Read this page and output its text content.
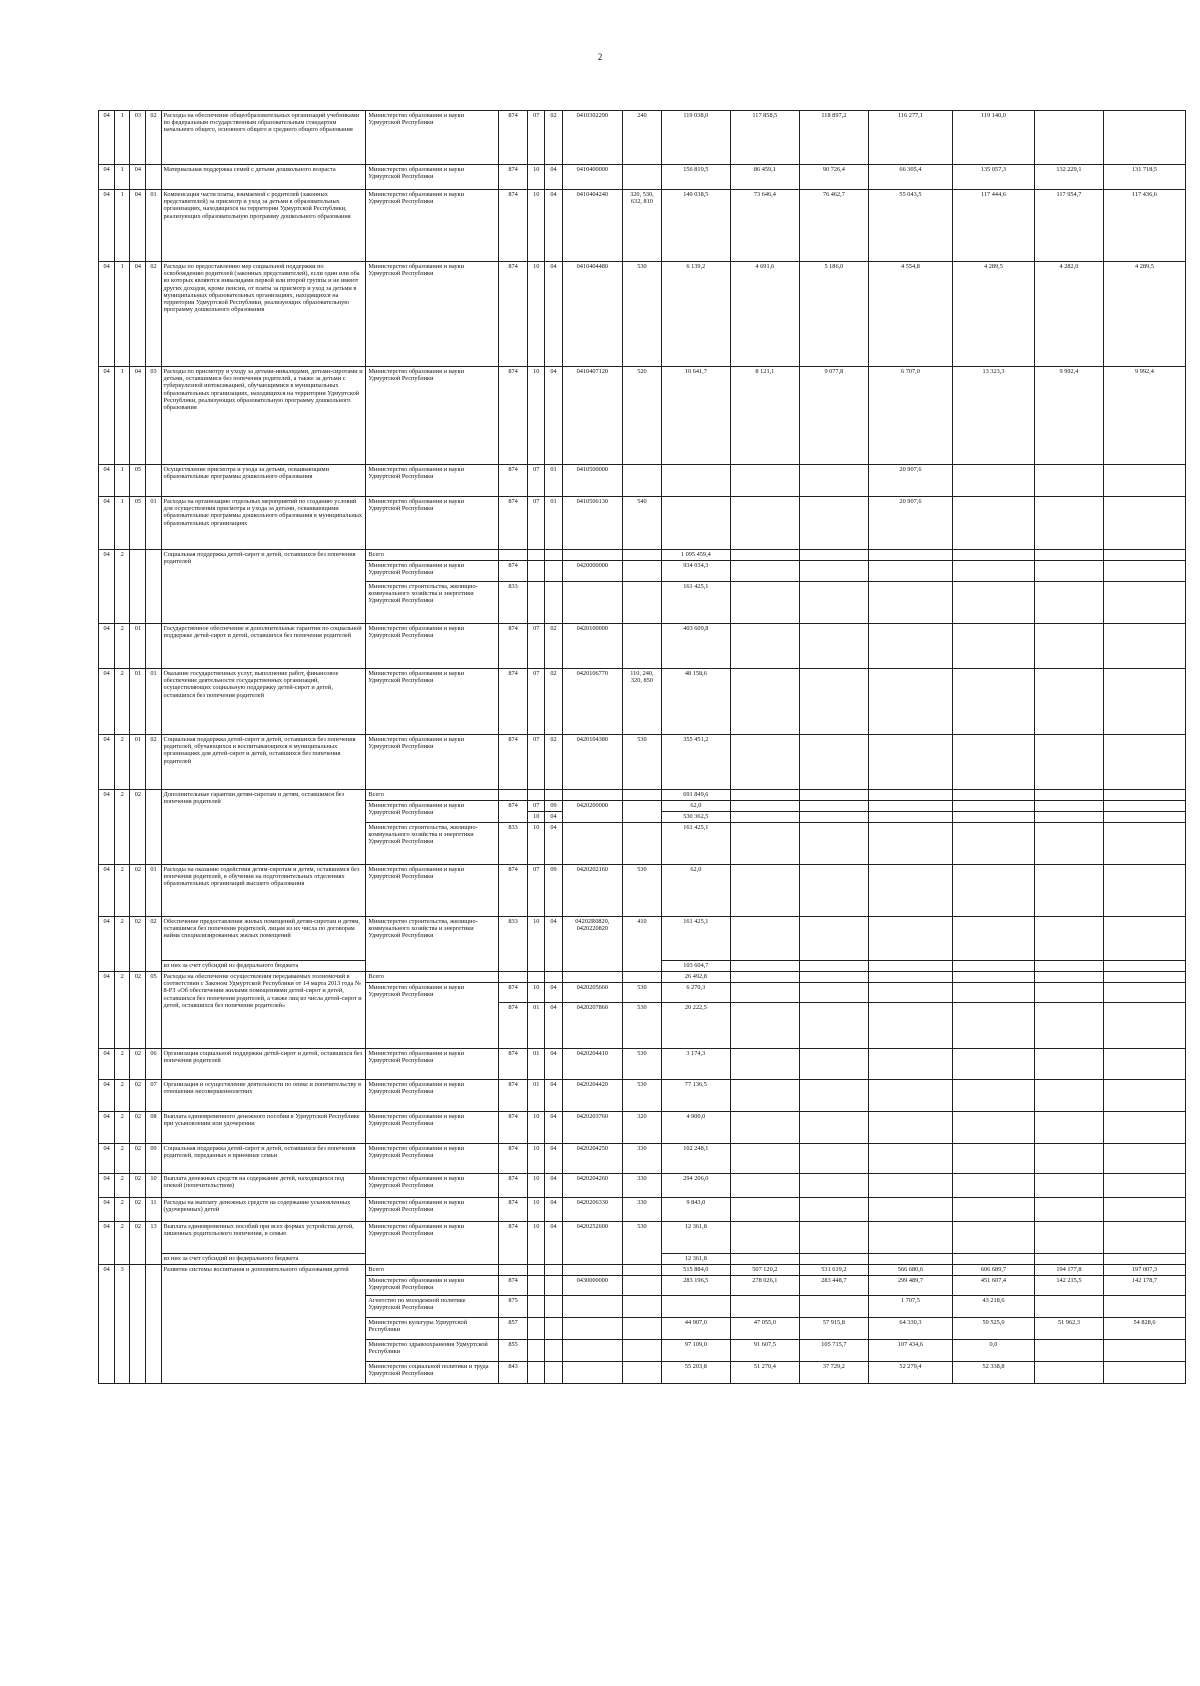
2
04	1	03	02	Расходы на обеспечение общеобразовательных организаций учебниками по федеральным государственным образовательным стандартам начального общего, основного общего и среднего общего образования	Министерство образования и науки Удмуртской Республики	874	07	02	0410302290	240	119 038,0	117 858,5	118 897,2	116 277,1	119 140,0		
04	1	04		Материальная поддержка семей с детьми дошкольного возраста	Министерство образования и науки Удмуртской Республики	874	10	04	0410400000		156 819,5	86 459,1	90 726,4	66 305,4	135 057,3	132 229,1	131 718,5
04	1	04	01	Компенсация части платы, взимаемой с родителей (законных представителей) за присмотр и уход за детьми в образовательных организациях, находящихся на территории Удмуртской Республики, реализующих образовательную программу дошкольного образования	Министерство образования и науки Удмуртской Республики	874	10	04	0410404240	320, 530, 632, 810	140 038,5	73 646,4	76 462,7	55 043,5	117 444,6	117 954,7	117 436,6
04	1	04	02	Расходы по предоставлению мер социальной поддержки по освобождению родителей (законных представителей), если один или оба из которых являются инвалидами первой или второй группы и не имеют других доходов, кроме пенсии, от платы за присмотр и уход за детьми в муниципальных образовательных организациях, находящихся на территории Удмуртской Республики, реализующих образовательную программу дошкольного образования	Министерство образования и науки Удмуртской Республики	874	10	04	0410404480	530	6 139,2	4 691,6	5 186,0	4 554,8	4 289,5	4 282,0	4 289,5
04	1	04	03	Расходы по присмотру и уходу за детьми-инвалидами, детьми-сиротами и детьми, оставшимися без попечения родителей, а также за детьми с туберкулезной интоксикацией, обучающимися в муниципальных образовательных организациях, находящихся на территории Удмуртской Республики, реализующих образовательную программу дошкольного образования	Министерство образования и науки Удмуртской Республики	874	10	04	0410407120	520	10 641,7	8 121,1	9 077,8	6 707,0	13 323,3	9 992,4	9 992,4
04	1	05		Осуществление присмотра и ухода за детьми, осваивающими образовательные программы дошкольного образования	Министерство образования и науки Удмуртской Республики	874	07	01	0410500000					20 907,6			
04	1	05	01	Расходы на организацию отдельных мероприятий по созданию условий для осуществления присмотра и ухода за детьми, осваивающими образовательные программы дошкольного образования в муниципальных образовательных организациях	Министерство образования и науки Удмуртской Республики	874	07	01	0410506130	540				20 907,6			
04	2			Социальная поддержка детей-сирот и детей, оставшихся без попечения родителей	Всего						1 095 459,4						
					Министерство образования и науки Удмуртской Республики	874			0420000000		934 034,3						
					Министерство строительства, жилищно-коммунального хозяйства и энергетики Удмуртской Республики	833					161 425,1						
04	2	01		Государственное обеспечение и дополнительные гарантии по социальной поддержке детей-сирот и детей, оставшихся без попечения родителей	Министерство образования и науки Удмуртской Республики	874	07	02	0420100000		403 609,8						
04	2	01	01	Оказание государственных услуг, выполнение работ, финансовое обеспечение деятельности государственных организаций, осуществляющих социальную поддержку детей-сирот и детей, оставшихся без попечения родителей	Министерство образования и науки Удмуртской Республики	874	07	02	0420106770	110, 240, 320, 850	48 158,6						
04	2	01	02	Социальная поддержка детей-сирот и детей, оставшихся без попечения родителей, обучающихся и воспитывающихся в муниципальных организациях для детей-сирот и детей, оставшихся без попечения родителей	Министерство образования и науки Удмуртской Республики	874	07	02	0420104380	530	355 451,2						
04	2	02		Дополнительные гарантии детям-сиротам и детям, оставшимся без попечения родителей	Всего						691 849,6						
					Министерство образования и науки Удмуртской Республики	874	07	09	0420200000		62,0						
							10	04			530 362,5						
					Министерство строительства, жилищно-коммунального хозяйства и энергетики Удмуртской Республики	833	10	04			161 425,1						
04	2	02	01	Расходы на оказание содействия детям-сиротам и детям, оставшимся без попечения родителей, в обучении на подготовительных отделениях образовательных организаций высшего образования	Министерство образования и науки Удмуртской Республики	874	07	09	0420202160	530	62,0						
04	2	02	02	Обеспечение предоставления жилых помещений детям-сиротам и детям, оставшимся без попечения родителей, лицам из их числа по договорам найма специализированных жилых помещений	Министерство строительства, жилищно-коммунального хозяйства и энергетики Удмуртской Республики	833	10	04	04202R0820, 0420220820	410	161 425,1						
				из них за счет субсидий из федерального бюджета							103 604,7						
04	2	02	05	Расходы на обеспечение осуществления передаваемых полномочий в соответствии с Законом Удмуртской Республики от 14 марта 2013 года № 8-РЗ «Об обеспечении жилыми помещениями детей-сирот и детей, оставшихся без попечения родителей, а также лиц из числа детей-сирот и детей, оставшихся без попечения родителей»	Всего						26 492,8						
					Министерство образования и науки Удмуртской Республики	874	10	04	0420205660	530	6 270,3						
						874	01	04	0420207860	530	20 222,5						
04	2	02	06	Организация социальной поддержки детей-сирот и детей, оставшихся без попечения родителей	Министерство образования и науки Удмуртской Республики	874	01	04	0420204410	530	3 174,3						
04	2	02	07	Организация и осуществление деятельности по опеке и попечительству в отношении несовершеннолетних	Министерство образования и науки Удмуртской Республики	874	01	04	0420204420	530	77 136,5						
04	2	02	08	Выплата единовременного денежного пособия в Удмуртской Республике при усыновлении или удочерении	Министерство образования и науки Удмуртской Республики	874	10	04	0420203760	320	4 900,0						
04	2	02	09	Социальная поддержка детей-сирот и детей, оставшихся без попечения родителей, переданных в приемные семьи	Министерство образования и науки Удмуртской Республики	874	10	04	0420204250	330	102 248,1						
04	2	02	10	Выплата денежных средств на содержание детей, находящихся под опекой (попечительством)	Министерство образования и науки Удмуртской Республики	874	10	04	0420204260	330	294 206,0						
04	2	02	11	Расходы на выплату денежных средств на содержание усыновленных (удочеренных) детей	Министерство образования и науки Удмуртской Республики	874	10	04	0420206330	330	9 843,0						
04	2	02	13	Выплата единовременных пособий при всех формах устройства детей, лишенных родительского попечения, в семью	Министерство образования и науки Удмуртской Республики	874	10	04	0420252600	530	12 361,8						
				из них за счет субсидий из федерального бюджета							12 361,8						
04	3			Развитие системы воспитания и дополнительного образования детей	Всего						515 884,0	507 120,2	531 619,2	566 680,6	606 689,7	194 177,8	197 007,3
					Министерство образования и науки Удмуртской Республики	874			0430000000		283 196,5	278 026,1	283 448,7	299 489,7	451 607,4	142 215,5	142 178,7
					Агентство по молодежной политике Удмуртской Республики	875								1 707,5	43 218,6		
					Министерство культуры Удмуртской Республики	857					44 907,0	47 055,0	57 915,8	64 330,3	59 525,0	51 962,3	54 828,6
					Министерство здравоохранения Удмуртской Республики	855					97 109,0	91 607,5	105 715,7	107 434,6	0,0		
					Министерство социальной политики и труда Удмуртской Республики	843					55 203,8	51 270,4	37 729,2	52 279,4	52 338,8		
